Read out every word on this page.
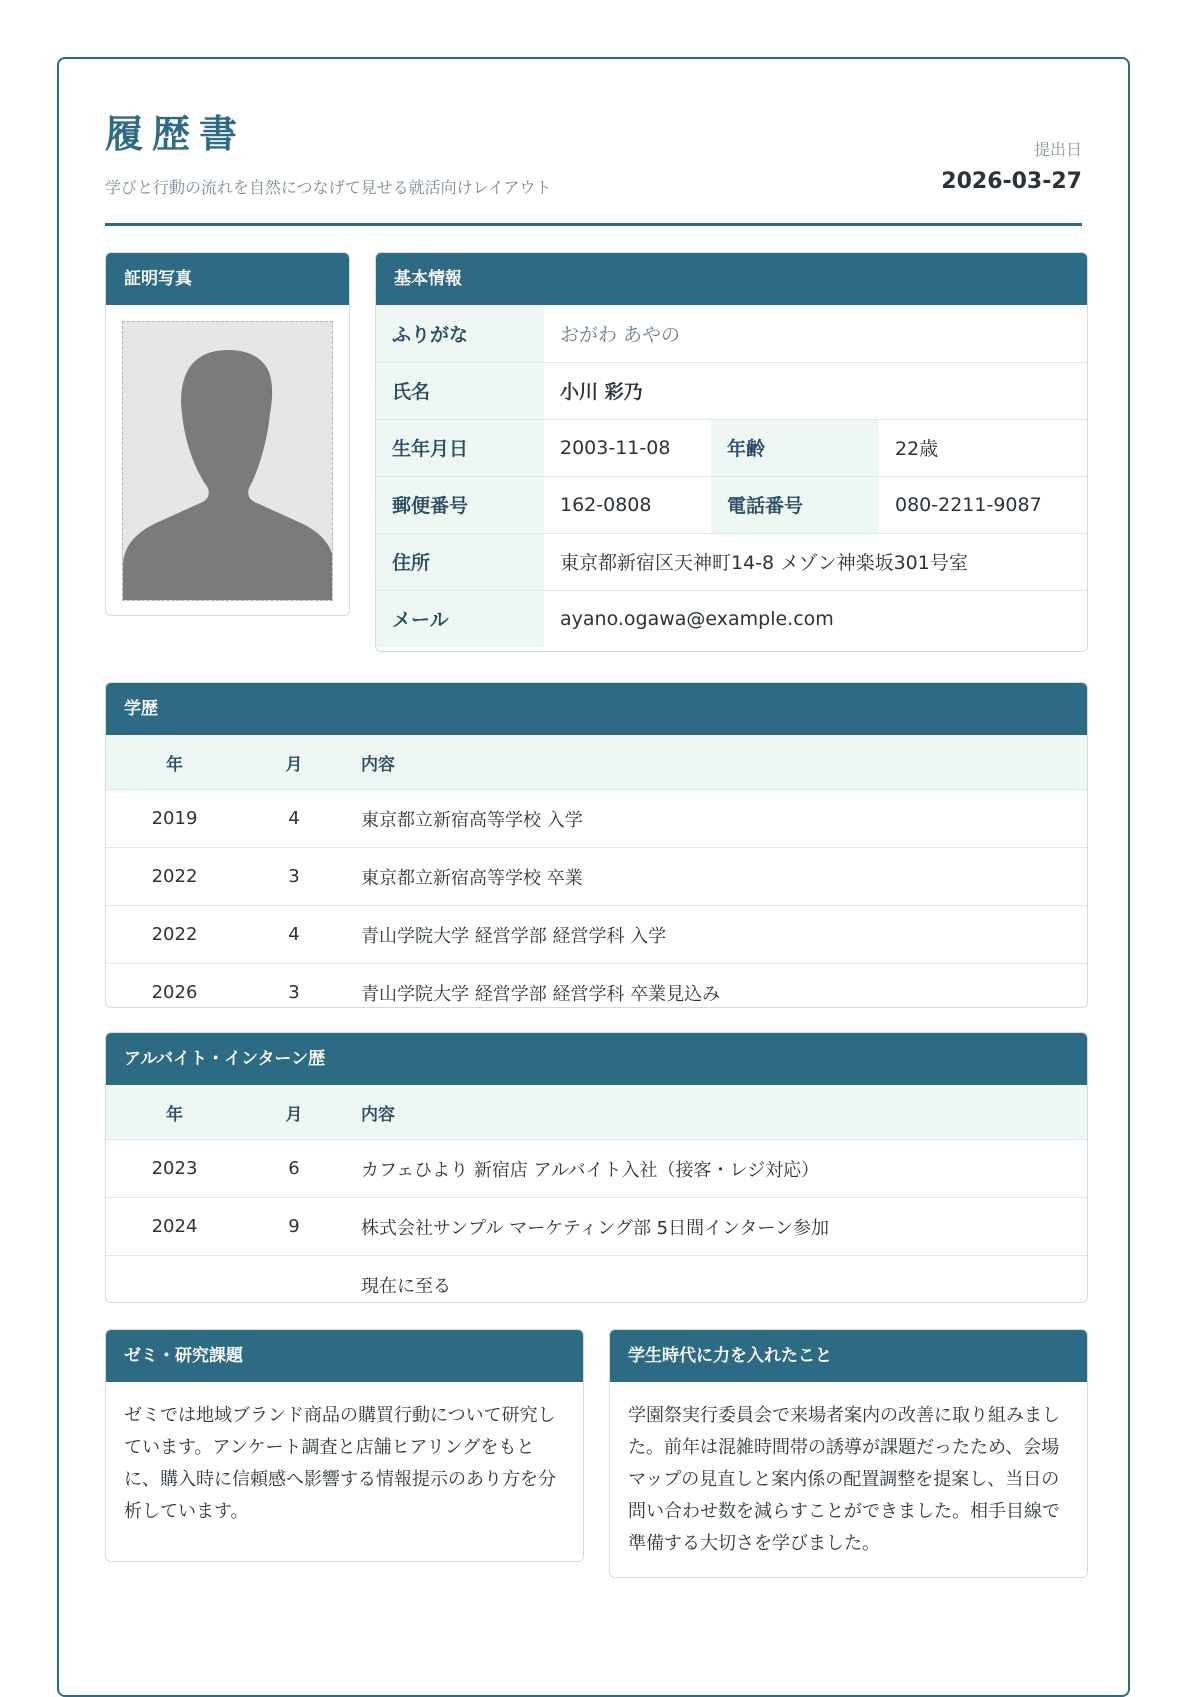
履歴書
学びと行動の流れを自然につなげて見せる就活向けレイアウト
提出日
2026-03-27
証明写真	基本情報
ふりがな	おがわ あやの		
氏名	小川 彩乃		
生年月日	2003-11-08	年齢	22歳
郵便番号	162-0808	電話番号	080-2211-9087
住所	東京都新宿区天神町14-8 メゾン神楽坂301号室		
メール	ayano.ogawa@example.com		
学歴
年	月	内容
2019	4	東京都立新宿高等学校 入学
2022	3	東京都立新宿高等学校 卒業
2022	4	青山学院大学 経営学部 経営学科 入学
2026	3	青山学院大学 経営学部 経営学科 卒業見込み
アルバイト・インターン歴
年	月	内容
2023	6	カフェひより 新宿店 アルバイト入社（接客・レジ対応）
2024	9	株式会社サンプル マーケティング部 5日間インターン参加
		現在に至る
ゼミ・研究課題
ゼミでは地域ブランド商品の購買行動について研究しています。アンケート調査と店舗ヒアリングをもとに、購入時に信頼感へ影響する情報提示のあり方を分析しています。
学生時代に力を入れたこと
学園祭実行委員会で来場者案内の改善に取り組みました。前年は混雑時間帯の誘導が課題だったため、会場マップの見直しと案内係の配置調整を提案し、当日の問い合わせ数を減らすことができました。相手目線で準備する大切さを学びました。
